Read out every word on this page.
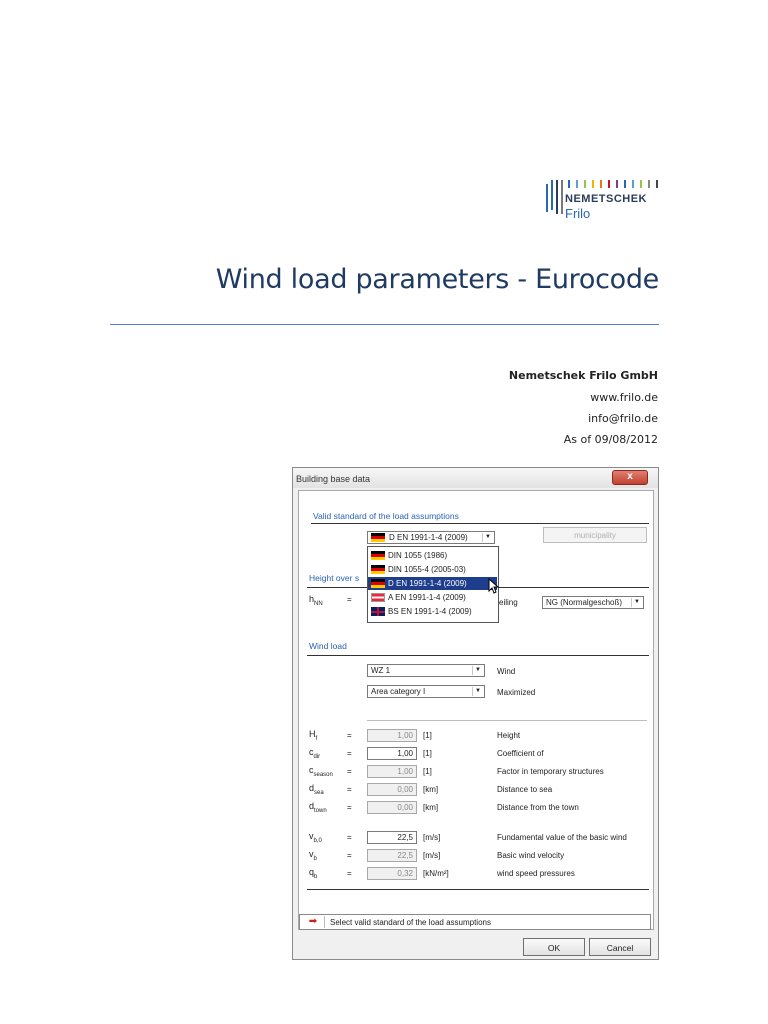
NEMETSCHEK
Frilo
Wind load parameters - Eurocode
Nemetschek Frilo GmbH
www.frilo.de
info@frilo.de
As of 09/08/2012
Building base data	x
Valid standard of the load assumptions
D EN 1991-1-4 (2009)	▼	municipality
Height over s
$h_{NN}$	=	eiling	NG (Normalgeschoß)	▼
DIN 1055 (1986)
DIN 1055-4 (2005-03)
D EN 1991-1-4 (2009)
A EN 1991-1-4 (2009)
BS EN 1991-1-4 (2009)
Wind load
WZ 1	▼ Wind
Area category I	▼ Maximized
$H_f$	=	1,00	[1]	Height
$c_{dir}$	=	1,00	[1]	Coefficient of
$c_{season}$ =	1,00	[1]	Factor in temporary structures
$d_{sea}$	=	0,00	[km]	Distance to sea
$d_{town}$	=	0,00	[km]	Distance from the town
$v_{b,0}$	=	22,5	[m/s]	Fundamental value of the basic wind
$v_b$	=	22,5	[m/s]	Basic wind velocity
$q_b$	=	0,32	[kN/m²]	wind speed pressures
➡	Select valid standard of the load assumptions
OK	Cancel
